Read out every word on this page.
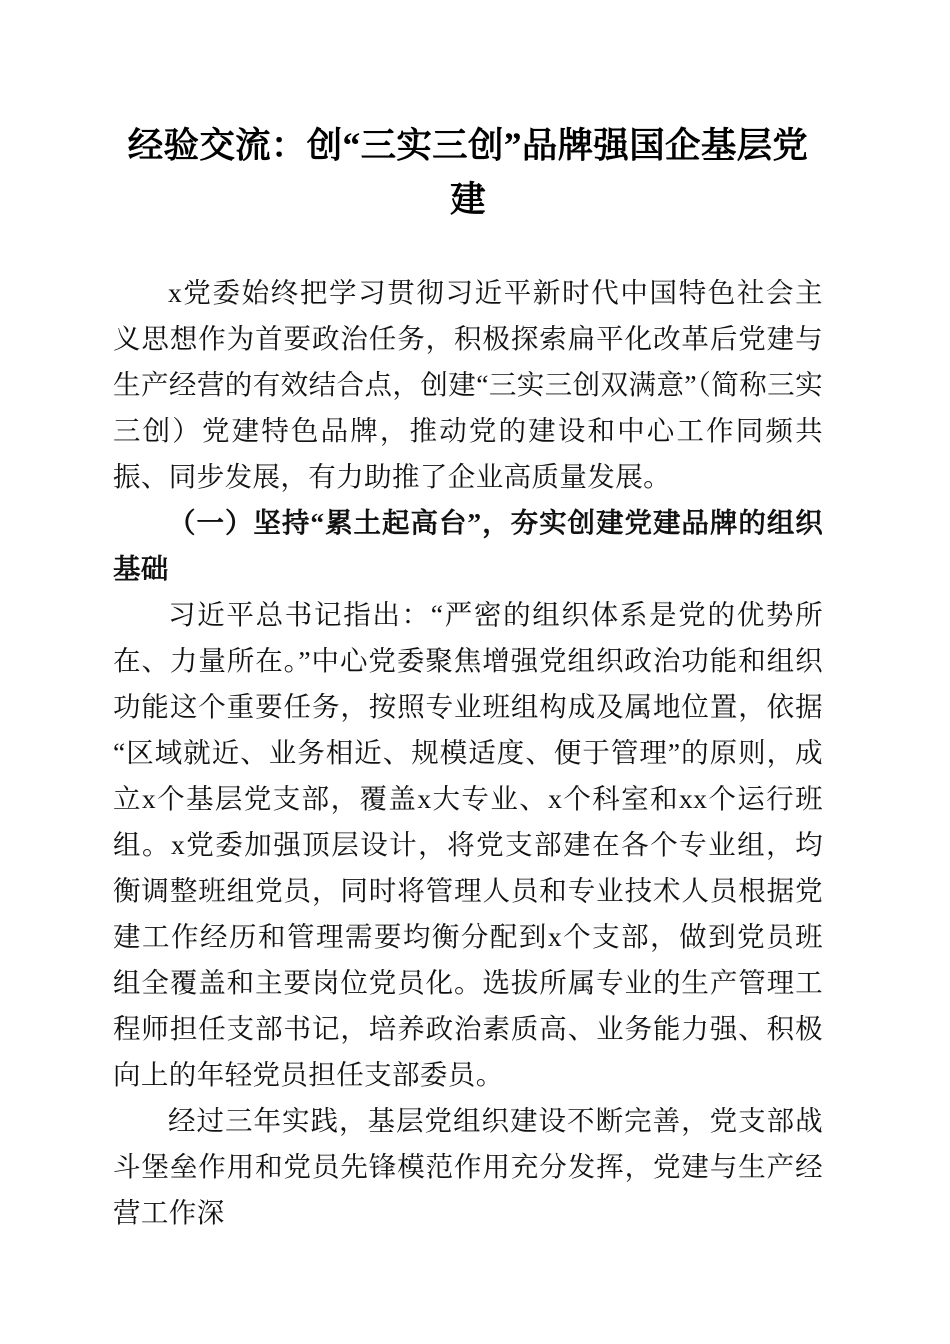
经验交流：创“三实三创”品牌强国企基层党建

x党委始终把学习贯彻习近平新时代中国特色社会主义思想作为首要政治任务，积极探索扁平化改革后党建与生产经营的有效结合点，创建“三实三创双满意”（简称三实三创）党建特色品牌，推动党的建设和中心工作同频共振、同步发展，有力助推了企业高质量发展。

（一）坚持“累土起高台”，夯实创建党建品牌的组织基础

习近平总书记指出：“严密的组织体系是党的优势所在、力量所在。”中心党委聚焦增强党组织政治功能和组织功能这个重要任务，按照专业班组构成及属地位置，依据“区域就近、业务相近、规模适度、便于管理”的原则，成立x个基层党支部，覆盖x大专业、x个科室和xx个运行班组。x党委加强顶层设计，将党支部建在各个专业组，均衡调整班组党员，同时将管理人员和专业技术人员根据党建工作经历和管理需要均衡分配到x个支部，做到党员班组全覆盖和主要岗位党员化。选拔所属专业的生产管理工程师担任支部书记，培养政治素质高、业务能力强、积极向上的年轻党员担任支部委员。

经过三年实践，基层党组织建设不断完善，党支部战斗堡垒作用和党员先锋模范作用充分发挥，党建与生产经营工作深
